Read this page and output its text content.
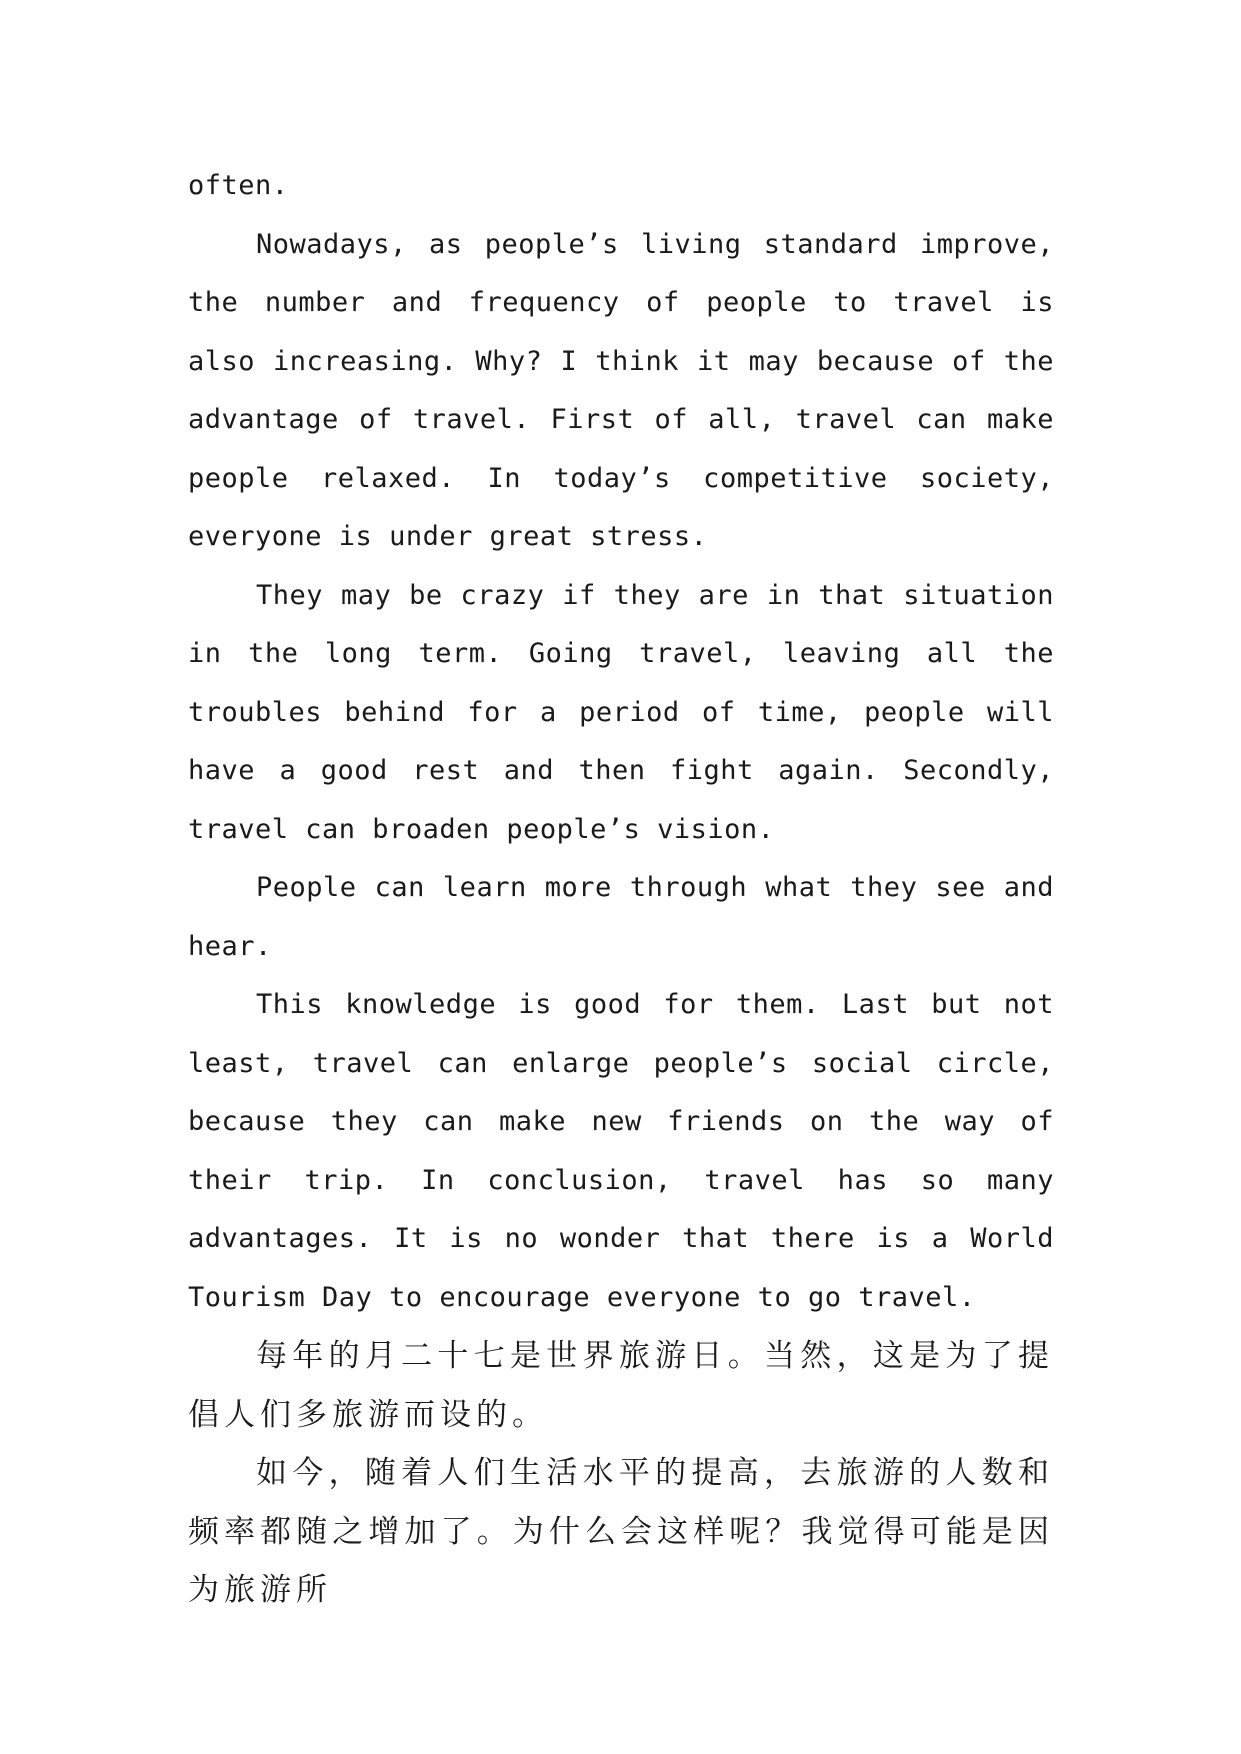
often.

Nowadays, as people’s living standard improve, the number and frequency of people to travel is also increasing. Why? I think it may because of the advantage of travel. First of all, travel can make people relaxed. In today’s competitive society, everyone is under great stress.

They may be crazy if they are in that situation in the long term. Going travel, leaving all the troubles behind for a period of time, people will have a good rest and then fight again. Secondly, travel can broaden people’s vision.

People can learn more through what they see and hear.

This knowledge is good for them. Last but not least, travel can enlarge people’s social circle, because they can make new friends on the way of their trip. In conclusion, travel has so many advantages. It is no wonder that there is a World Tourism Day to encourage everyone to go travel.

每年的月二十七是世界旅游日。当然，这是为了提倡人们多旅游而设的。

如今，随着人们生活水平的提高，去旅游的人数和频率都随之增加了。为什么会这样呢？我觉得可能是因为旅游所
